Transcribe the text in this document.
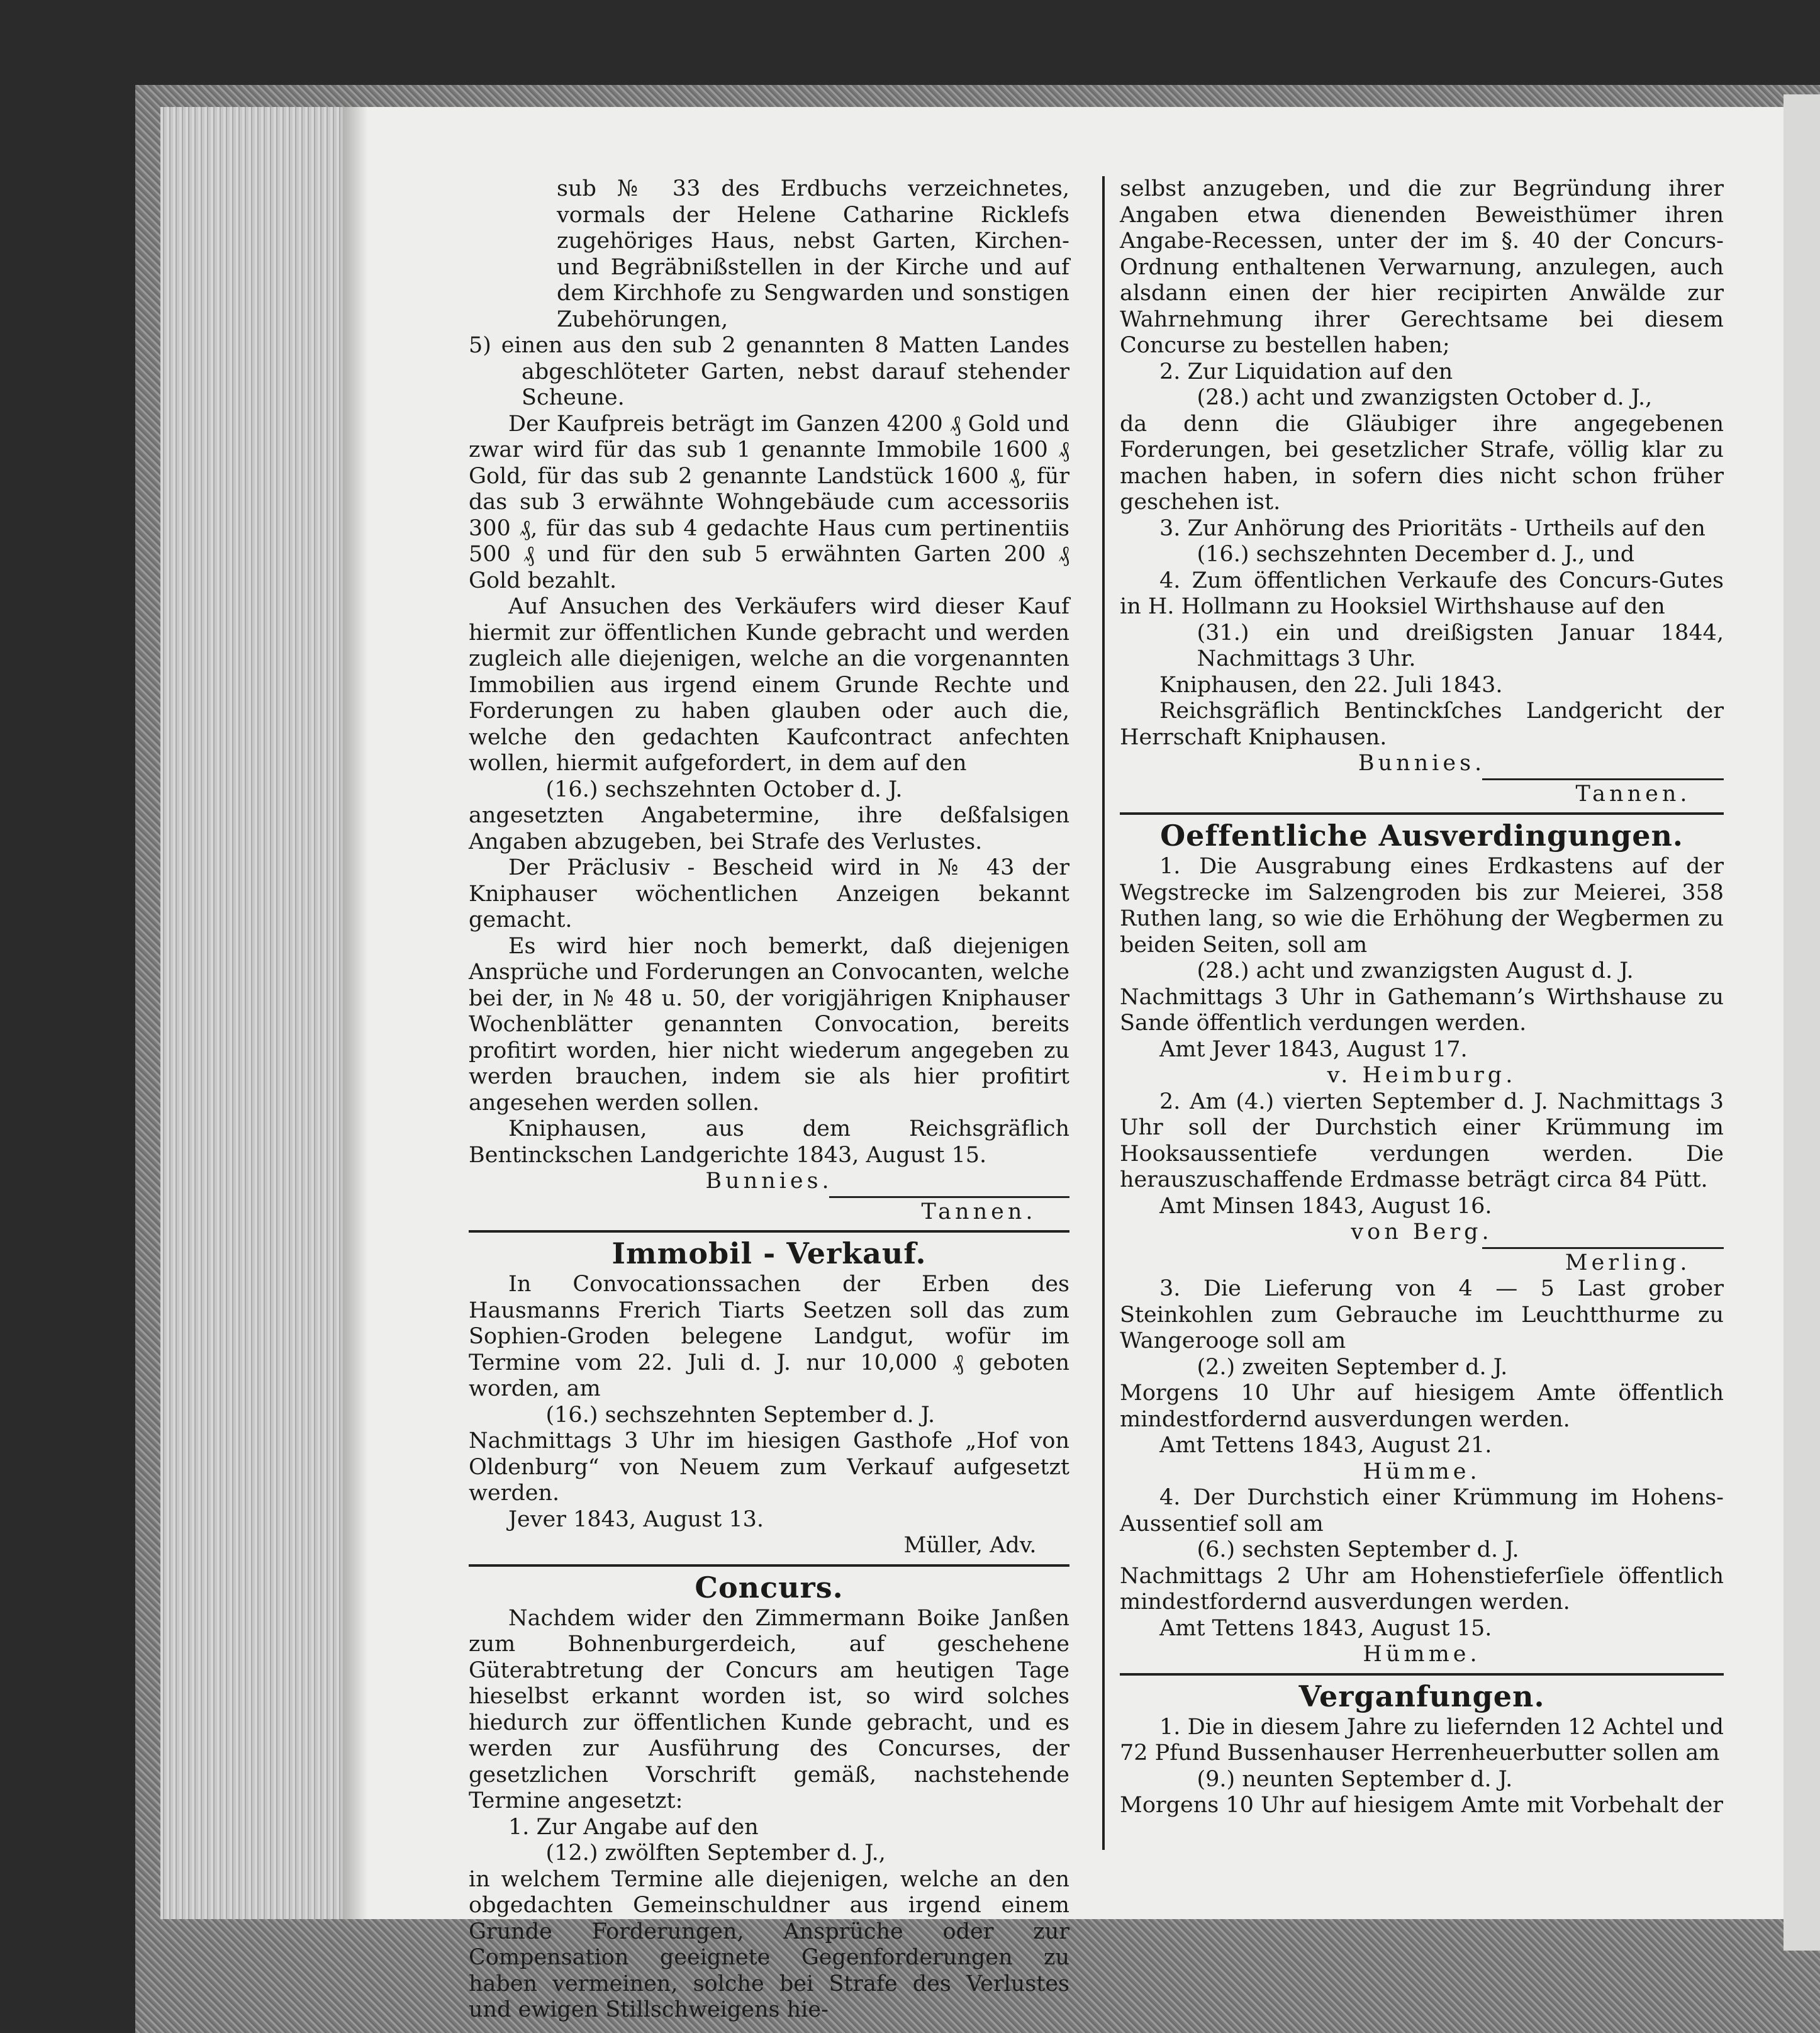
sub № 33 des Erdbuchs verzeichnetes, vormals der Helene Catharine Ricklefs zugehöriges Haus, nebst Garten, Kirchen- und Begräbnißstellen in der Kirche und auf dem Kirchhofe zu Sengwarden und sonstigen Zubehörungen,

5) einen aus den sub 2 genannten 8 Matten Landes abgeschlöteter Garten, nebst darauf stehender Scheune.

Der Kaufpreis beträgt im Ganzen 4200 ₰ Gold und zwar wird für das sub 1 genannte Immobile 1600 ₰ Gold, für das sub 2 genannte Landstück 1600 ₰, für das sub 3 erwähnte Wohngebäude cum accessoriis 300 ₰, für das sub 4 gedachte Haus cum pertinentiis 500 ₰ und für den sub 5 erwähnten Garten 200 ₰ Gold bezahlt.

Auf Ansuchen des Verkäufers wird dieser Kauf hiermit zur öffentlichen Kunde gebracht und werden zugleich alle diejenigen, welche an die vorgenannten Immobilien aus irgend einem Grunde Rechte und Forderungen zu haben glauben oder auch die, welche den gedachten Kaufcontract anfechten wollen, hiermit aufgefordert, in dem auf den

(16.) sechszehnten October d. J.

angesetzten Angabetermine, ihre deßfalsigen Angaben abzugeben, bei Strafe des Verlustes.

Der Präclusiv - Bescheid wird in № 43 der Kniphauser wöchentlichen Anzeigen bekannt gemacht.

Es wird hier noch bemerkt, daß diejenigen Ansprüche und Forderungen an Convocanten, welche bei der, in № 48 u. 50, der vorigjährigen Kniphauser Wochenblätter genannten Convocation, bereits profitirt worden, hier nicht wiederum angegeben zu werden brauchen, indem sie als hier profitirt angesehen werden sollen.

Kniphausen, aus dem Reichsgräflich Bentinckschen Landgerichte 1843, August 15.

Bunnies.

Tannen.

Immobil - Verkauf.

In Convocationssachen der Erben des Hausmanns Frerich Tiarts Seetzen soll das zum Sophien-Groden belegene Landgut, wofür im Termine vom 22. Juli d. J. nur 10,000 ₰ geboten worden, am

(16.) sechszehnten September d. J.

Nachmittags 3 Uhr im hiesigen Gasthofe „Hof von Oldenburg“ von Neuem zum Verkauf aufgesetzt werden.

Jever 1843, August 13.

Müller, Adv.

Concurs.

Nachdem wider den Zimmermann Boike Janßen zum Bohnenburgerdeich, auf geschehene Güterabtretung der Concurs am heutigen Tage hieselbst erkannt worden ist, so wird solches hiedurch zur öffentlichen Kunde gebracht, und es werden zur Ausführung des Concurses, der gesetzlichen Vorschrift gemäß, nachstehende Termine angesetzt:

1. Zur Angabe auf den

(12.) zwölften September d. J.,

in welchem Termine alle diejenigen, welche an den obgedachten Gemeinschuldner aus irgend einem Grunde Forderungen, Ansprüche oder zur Compensation geeignete Gegenforderungen zu haben vermeinen, solche bei Strafe des Verlustes und ewigen Stillschweigens hie-

selbst anzugeben, und die zur Begründung ihrer Angaben etwa dienenden Beweisthümer ihren Angabe-Recessen, unter der im §. 40 der Concurs-Ordnung enthaltenen Verwarnung, anzulegen, auch alsdann einen der hier recipirten Anwälde zur Wahrnehmung ihrer Gerechtsame bei diesem Concurse zu bestellen haben;

2. Zur Liquidation auf den

(28.) acht und zwanzigsten October d. J.,

da denn die Gläubiger ihre angegebenen Forderungen, bei gesetzlicher Strafe, völlig klar zu machen haben, in sofern dies nicht schon früher geschehen ist.

3. Zur Anhörung des Prioritäts - Urtheils auf den

(16.) sechszehnten December d. J., und

4. Zum öffentlichen Verkaufe des Concurs-Gutes in H. Hollmann zu Hooksiel Wirthshause auf den

(31.) ein und dreißigsten Januar 1844, Nachmittags 3 Uhr.

Kniphausen, den 22. Juli 1843.

Reichsgräflich Bentinckſches Landgericht der Herrschaft Kniphausen.

Bunnies.

Tannen.

Oeffentliche Ausverdingungen.

1. Die Ausgrabung eines Erdkastens auf der Wegstrecke im Salzengroden bis zur Meierei, 358 Ruthen lang, so wie die Erhöhung der Wegbermen zu beiden Seiten, soll am

(28.) acht und zwanzigsten August d. J.

Nachmittags 3 Uhr in Gathemann’s Wirthshause zu Sande öffentlich verdungen werden.

Amt Jever 1843, August 17.

v. Heimburg.

2. Am (4.) vierten September d. J. Nachmittags 3 Uhr soll der Durchstich einer Krümmung im Hooksaussentiefe verdungen werden. Die herauszuschaffende Erdmasse beträgt circa 84 Pütt.

Amt Minsen 1843, August 16.

von Berg.

Merling.

3. Die Lieferung von 4 — 5 Last grober Steinkohlen zum Gebrauche im Leuchtthurme zu Wangerooge soll am

(2.) zweiten September d. J.

Morgens 10 Uhr auf hiesigem Amte öffentlich mindestfordernd ausverdungen werden.

Amt Tettens 1843, August 21.

Hümme.

4. Der Durchstich einer Krümmung im Hohens-Aussentief soll am

(6.) sechsten September d. J.

Nachmittags 2 Uhr am Hohenstieferſiele öffentlich mindestfordernd ausverdungen werden.

Amt Tettens 1843, August 15.

Hümme.

Verganfungen.

1. Die in diesem Jahre zu liefernden 12 Achtel und 72 Pfund Bussenhauser Herrenheuerbutter sollen am

(9.) neunten September d. J.

Morgens 10 Uhr auf hiesigem Amte mit Vorbehalt der
